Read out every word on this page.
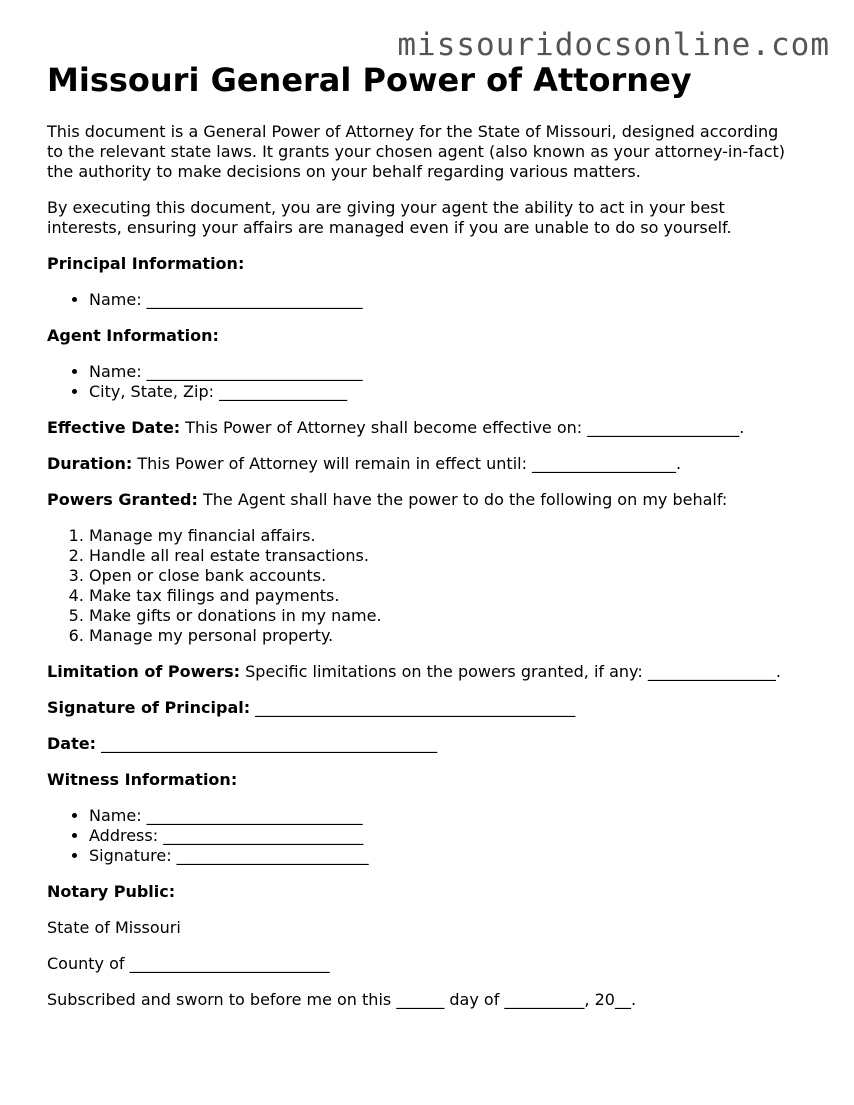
missouridocsonline.com
Missouri General Power of Attorney

This document is a General Power of Attorney for the State of Missouri, designed according to the relevant state laws. It grants your chosen agent (also known as your attorney-in-fact) the authority to make decisions on your behalf regarding various matters.

By executing this document, you are giving your agent the ability to act in your best interests, ensuring your affairs are managed even if you are unable to do so yourself.

Principal Information:

• Name: ___________________________

Agent Information:

• Name: ___________________________
• City, State, Zip: ________________

Effective Date: This Power of Attorney shall become effective on: ___________________.

Duration: This Power of Attorney will remain in effect until: __________________.

Powers Granted: The Agent shall have the power to do the following on my behalf:

1. Manage my financial affairs.
2. Handle all real estate transactions.
3. Open or close bank accounts.
4. Make tax filings and payments.
5. Make gifts or donations in my name.
6. Manage my personal property.

Limitation of Powers: Specific limitations on the powers granted, if any: ________________.

Signature of Principal: ________________________________________

Date: __________________________________________

Witness Information:

• Name: ___________________________
• Address: _________________________
• Signature: ________________________

Notary Public:

State of Missouri

County of _________________________

Subscribed and sworn to before me on this ______ day of __________, 20__.
